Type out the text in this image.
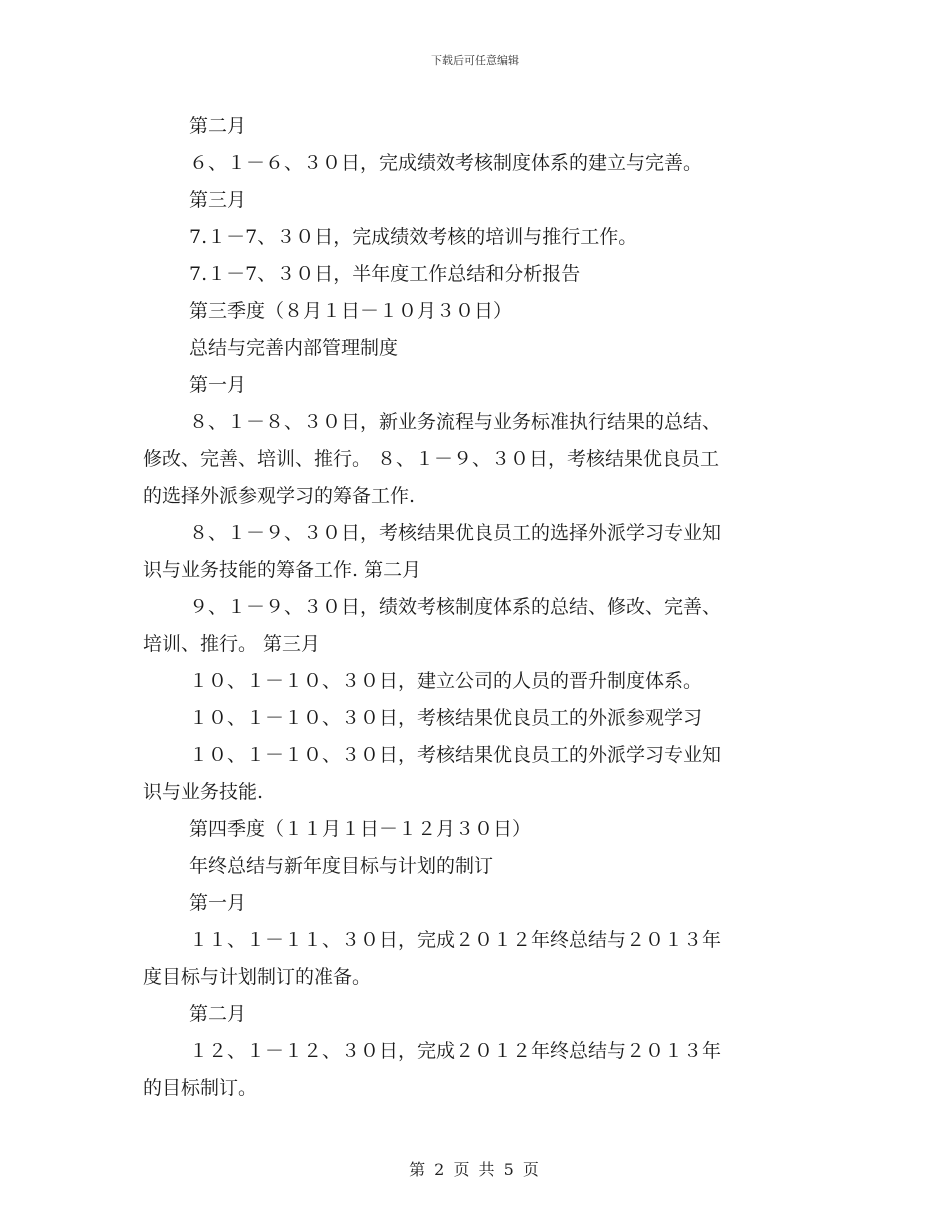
下载后可任意编辑

第二月

６、１－６、３０日，完成绩效考核制度体系的建立与完善。

第三月

7.１－7、３０日，完成绩效考核的培训与推行工作。

7.１－7、３０日，半年度工作总结和分析报告

第三季度（８月１日－１０月３０日）

总结与完善内部管理制度

第一月

８、１－８、３０日，新业务流程与业务标准执行结果的总结、

修改、完善、培训、推行。 ８、１－９、３０日，考核结果优良员工

的选择外派参观学习的筹备工作.

８、１－９、３０日，考核结果优良员工的选择外派学习专业知

识与业务技能的筹备工作. 第二月

９、１－９、３０日，绩效考核制度体系的总结、修改、完善、

培训、推行。 第三月

１０、１－１０、３０日，建立公司的人员的晋升制度体系。

１０、１－１０、３０日，考核结果优良员工的外派参观学习

１０、１－１０、３０日，考核结果优良员工的外派学习专业知

识与业务技能.

第四季度（１１月１日－１２月３０日）

年终总结与新年度目标与计划的制订

第一月

１１、１－１１、３０日，完成２０１２年终总结与２０１３年

度目标与计划制订的准备。

第二月

１２、１－１２、３０日，完成２０１２年终总结与２０１３年

的目标制订。

第 2 页 共 5 页
